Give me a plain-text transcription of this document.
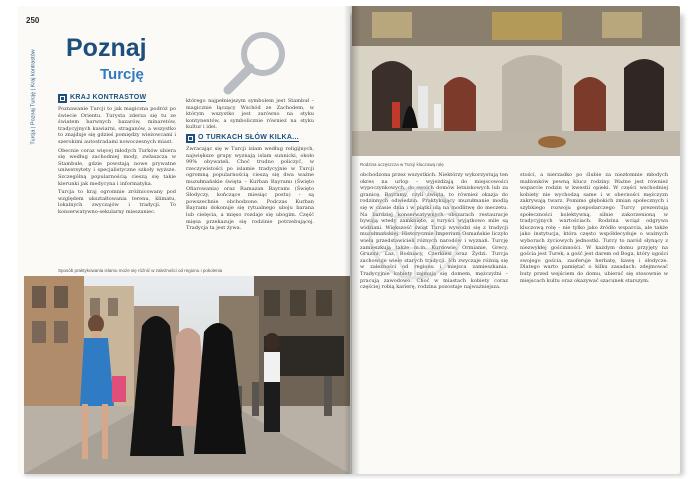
250
Turcja | Poznaj Turcję | Kraj kontrastów
Poznaj
Turcję
KRAJ KONTRASTÓW

Poznawanie Turcji to jak magiczna podróż po świecie Orientu. Turysta zderza się tu ze światem barwnych bazarów, minaretów, tradycyjnych kawiarni, straganów, a wszystko to znajduje się gdzieś pomiędzy wieżowcami i szerokimi autostradami nowoczesnych miast.

Obecnie coraz więcej młodych Turków ubiera się według zachodniej mody, zwłaszcza w Stambule, gdzie powstają nowe prywatne uniwersytety i specjalistyczne szkoły wyższe. Szczególną popularnością cieszą się takie kierunki jak medycyna i informatyka.

Turcja to kraj ogromnie zróżnicowany pod względem ukształtowania terenu, klimatu, lokalnych zwyczajów i tradycji. To konserwatywno-sekularny mieszaniec.

którego najpełniejszym symbolem jest Stambuł – magicznie łączący Wschód ze Zachodem, w którym wszystko jest zarówno na styku kontynentów, a symbolicznie również na styku kultur i idei.

O TURKACH SŁÓW KILKA...

Zwracając się w Turcji islam według religijnych, największe grupy wyznają islam sunnicki, około 99% obywateli. Choć trudno policzyć, w rzeczywistości po islamie tradycyjnie w Turcji ogromną popularnością cieszą się dwa ważne muzułmańskie święta – Kurban Bayramı (Święto Ofiarowania) oraz Ramazan Bayramı (Święto Słodyczy, kończące miesiąc postu) – są powszechnie obchodzone. Podczas Kurban Bayramı dokonuje się rytualnego uboju barana lub cielęcia, a mięso rozdaje się ubogim. Część mięsa przekazuje się rodzinie potrzebującej. Tradycja ta jest żywa.

Sposób praktykowania islamu może się różnić w zależności od regionu i pokolenia
Rodzina uczęszcza w Turcji kluczową rolę

obchodzona przez wszystkich. Niektórzy wykorzystują ten okres na urlop – wyjeżdżają do miejscowości wypoczynkowych, do swoich domów letniskowych lub za granicę. Bayramy, czyli święta, to również okazja do rodzinnych odwiedzin. Praktykujący muzułmanie modlą się w czasie dnia i w piątki idą na modlitwę do meczetu. Na bardziej konserwatywnych obszarach restauracje bywają wtedy zamknięte, a turyści wyjątkowo mile są widziani. Większość świąt Turcji wywodzi się z tradycji muzułmańskiej. Historycznie Imperium Osmańskie liczyło wielu przedstawicieli różnych narodów i wyznań. Turcję zamieszkują także m.in. Kurdowie, Ormianie, Grecy, Gruzini, Laz, Bośniacy, Czerkiesi oraz Żydzi. Turcja zachowuje wiele starych tradycji. Ich zwyczaje różnią się w zależności od regionu i miejsca zamieszkania. Tradycyjnie kobiety zajmują się domem, mężczyźni – pracują zawodowo. Choć w miastach kobiety coraz częściej robią karierę, rodzina pozostaje najważniejsza.

stości, a nierzadko po ślubie za niezłomnie młodych małżonków pewną klucz rodziny. Ważne jest również wsparcie rodzin w kwestii opieki. W części wschodniej kobiety nie wychodzą same i w obecności mężczyzn zakrywają twarz. Pomimo głębokich zmian społecznych i szybkiego rozwoju gospodarczego Turcy prezentują społeczności kolektywną, silnie zakorzenioną w tradycyjnych wartościach. Rodzina wciąż odgrywa kluczową rolę – nie tylko jako źródło wsparcia, ale także jako instytucja, która często współdecyduje o ważnych wyborach życiowych jednostki. Turcy to naród słynący z niezwykłej gościnności. W każdym domu przyjęty na gościa jest Turek, a gość jest darem od Boga, który ugości swojego gościa, zaoferuje herbatę, kawę i słodycze. Dlatego warto pamiętać o kilku zasadach: zdejmować buty przed wejściem do domu, ubierać się stosownie w miejscach kultu oraz okazywać szacunek starszym.
